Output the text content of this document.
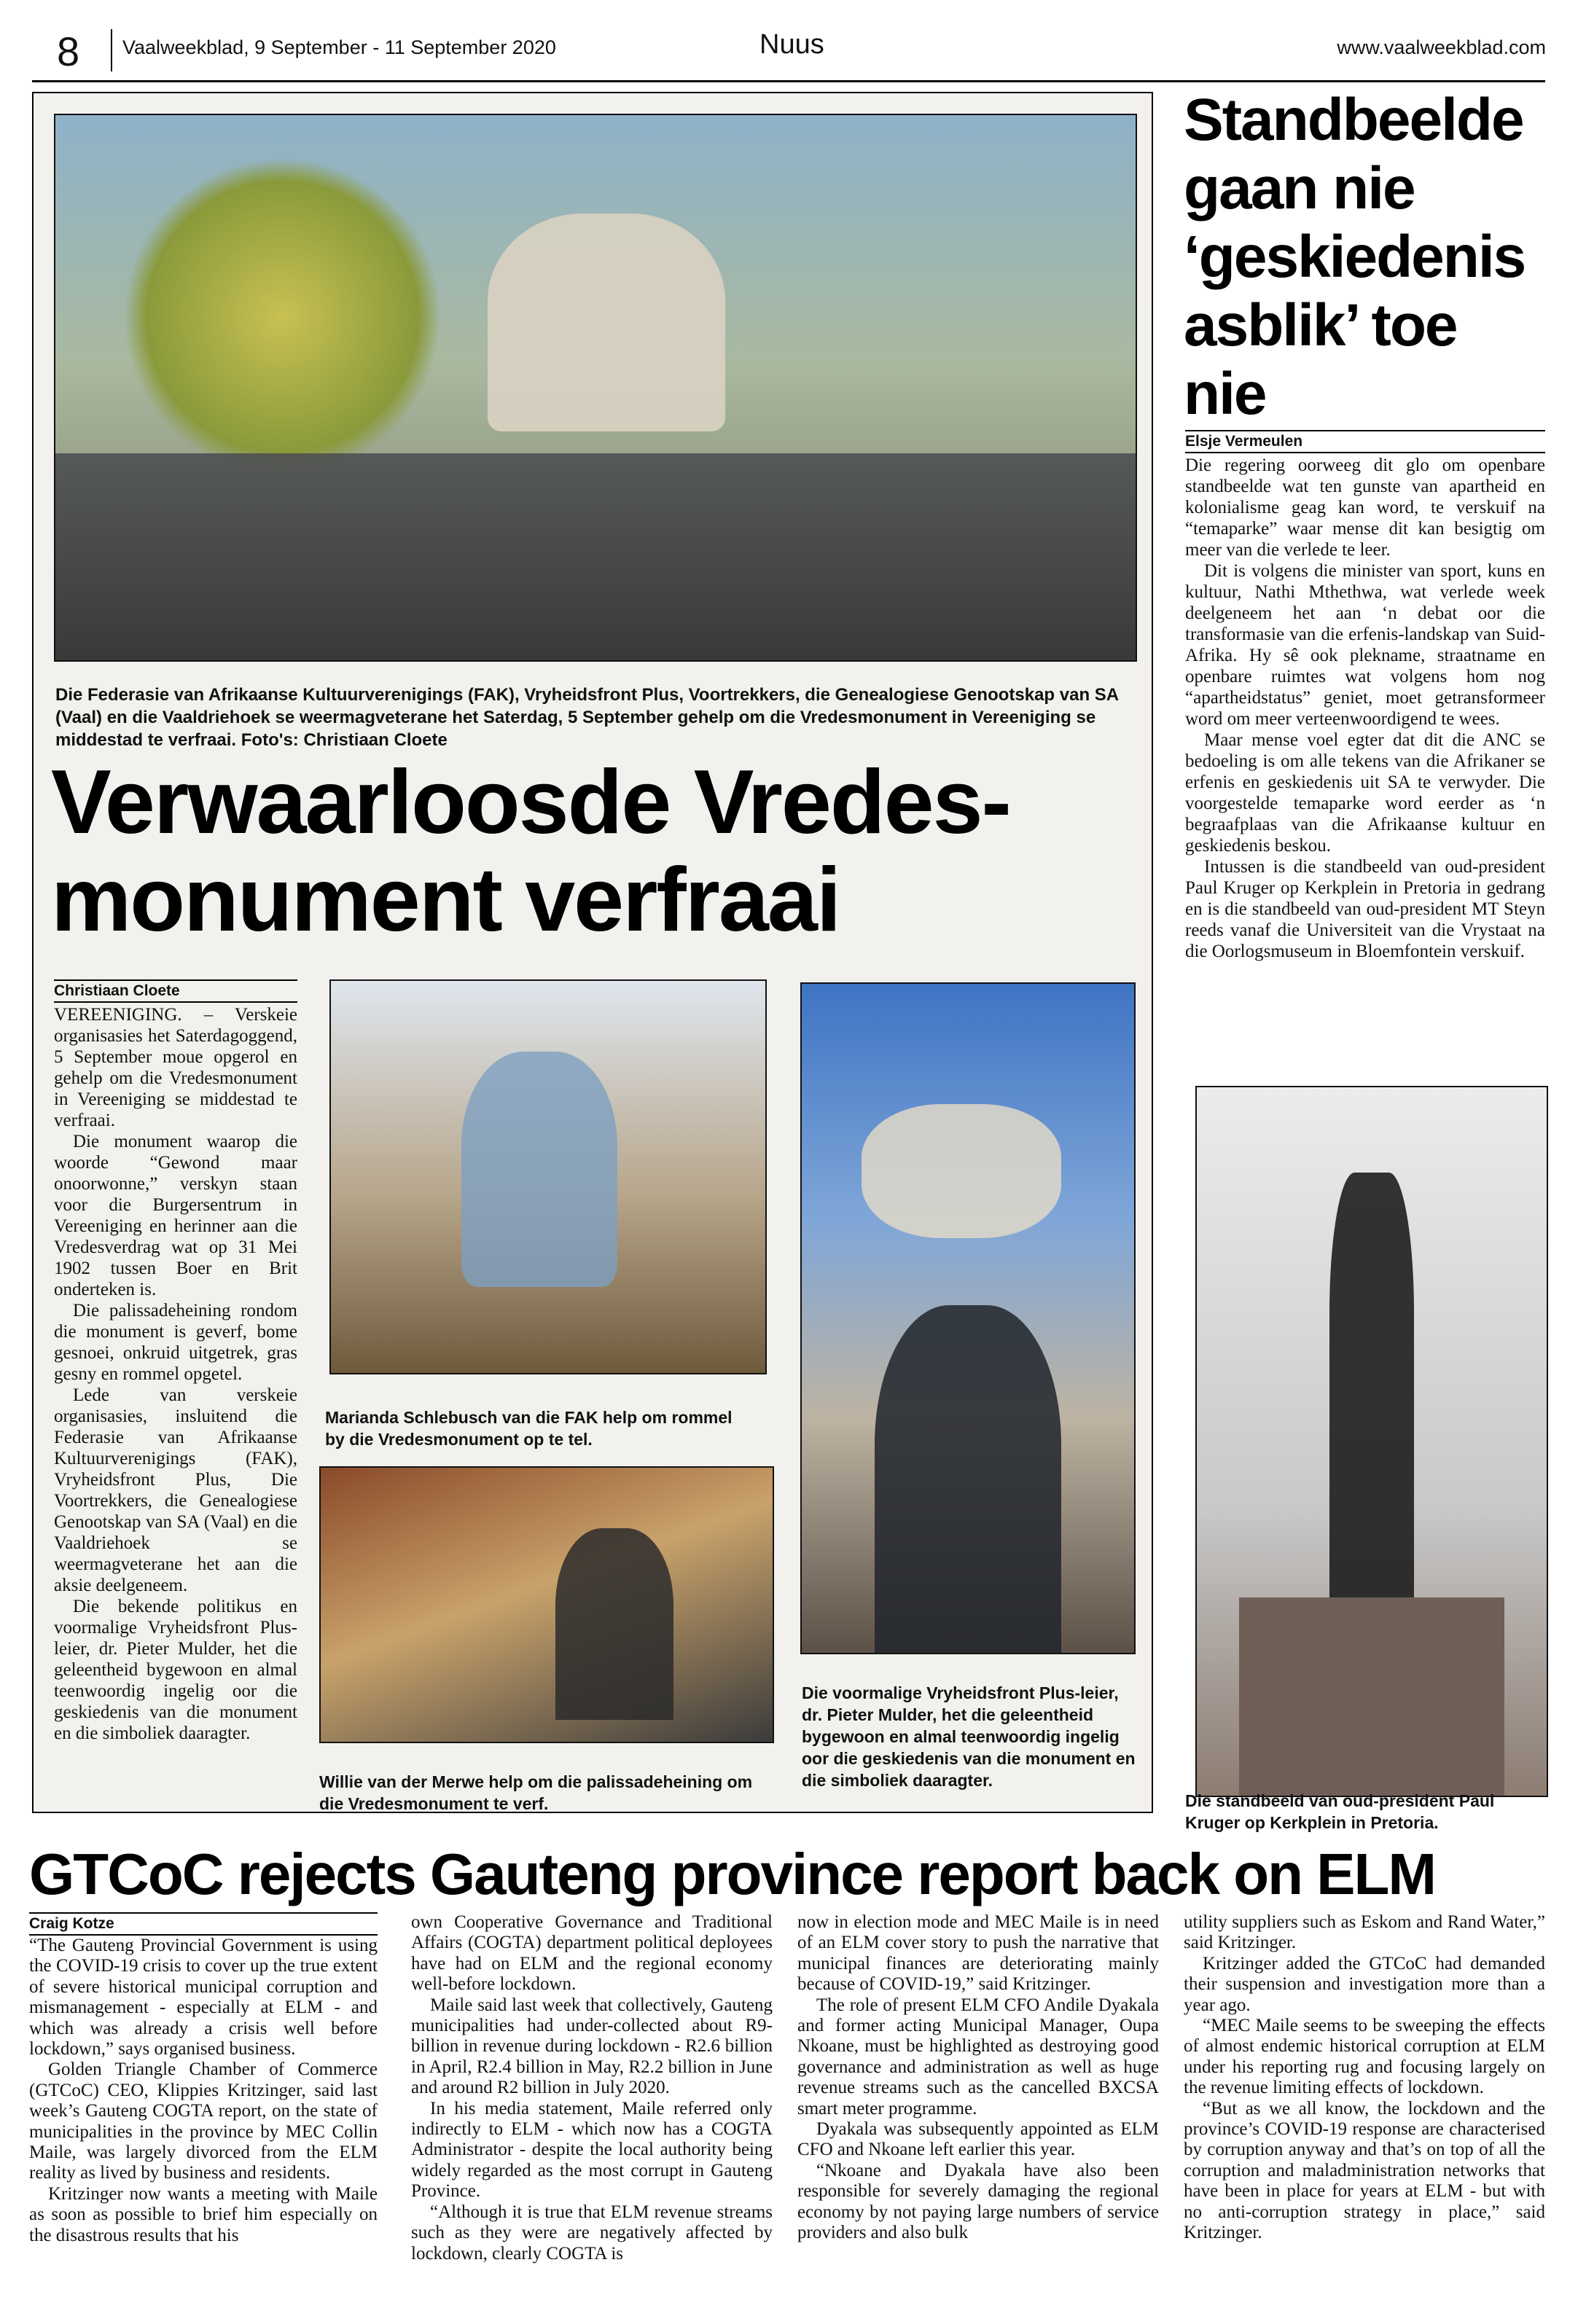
8 Vaalweekblad, 9 September - 11 September 2020	Nuus	www.vaalweekblad.com
Die Federasie van Afrikaanse Kultuurverenigings (FAK), Vryheidsfront Plus, Voortrekkers, die Genealogiese Genootskap van SA (Vaal) en die Vaaldriehoek se weermagveterane het Saterdag, 5 September gehelp om die Vredesmonument in Vereeniging se middestad te verfraai. Foto's: Christiaan Cloete
Verwaarloosde Vredes-
monument verfraai
Christiaan Cloete

VEREENIGING. – Verskeie organisasies het Saterdagoggend, 5 September moue opgerol en gehelp om die Vredesmonument in Vereeniging se middestad te verfraai.

Die monument waarop die woorde “Gewond maar onoorwonne,” verskyn staan voor die Burgersentrum in Vereeniging en herinner aan die Vredesverdrag wat op 31 Mei 1902 tussen Boer en Brit onderteken is.

Die palissadeheining rondom die monument is geverf, bome gesnoei, onkruid uitgetrek, gras gesny en rommel opgetel.

Lede van verskeie organisasies, insluitend die Federasie van Afrikaanse Kultuurverenigings (FAK), Vryheidsfront Plus, Die Voortrekkers, die Genealogiese Genootskap van SA (Vaal) en die Vaaldriehoek se weermagveterane het aan die aksie deelgeneem.

Die bekende politikus en voormalige Vryheidsfront Plus-leier, dr. Pieter Mulder, het die geleentheid bygewoon en almal teenwoordig ingelig oor die geskiedenis van die monument en die simboliek daaragter.

Marianda Schlebusch van die FAK help om rommel by die Vredesmonument op te tel.
Willie van der Merwe help om die palissadeheining om die Vredesmonument te verf.
Die voormalige Vryheidsfront Plus-leier, dr. Pieter Mulder, het die geleentheid bygewoon en almal teenwoordig ingelig oor die geskiedenis van die monument en die simboliek daaragter.
Standbeelde
gaan nie
‘geskiedenis
asblik’ toe
nie
Elsje Vermeulen

Die regering oorweeg dit glo om openbare standbeelde wat ten gunste van apartheid en kolonialisme geag kan word, te verskuif na “temaparke” waar mense dit kan besigtig om meer van die verlede te leer.

Dit is volgens die minister van sport, kuns en kultuur, Nathi Mthethwa, wat verlede week deelgeneem het aan ‘n debat oor die transformasie van die erfenis-landskap van Suid-Afrika. Hy sê ook plekname, straatname en openbare ruimtes wat volgens hom nog “apartheidstatus” geniet, moet getransformeer word om meer verteenwoordigend te wees.

Maar mense voel egter dat dit die ANC se bedoeling is om alle tekens van die Afrikaner se erfenis en geskiedenis uit SA te verwyder. Die voorgestelde temaparke word eerder as ‘n begraafplaas van die Afrikaanse kultuur en geskiedenis beskou.

Intussen is die standbeeld van oud-president Paul Kruger op Kerkplein in Pretoria in gedrang en is die standbeeld van oud-president MT Steyn reeds vanaf die Universiteit van die Vrystaat na die Oorlogsmuseum in Bloemfontein verskuif.

Die standbeeld van oud-president Paul Kruger op Kerkplein in Pretoria.
GTCoC rejects Gauteng province report back on ELM
Craig Kotze

“The Gauteng Provincial Government is using the COVID-19 crisis to cover up the true extent of severe historical municipal corruption and mismanagement - especially at ELM - and which was already a crisis well before lockdown,” says organised business.

Golden Triangle Chamber of Commerce (GTCoC) CEO, Klippies Kritzinger, said last week’s Gauteng COGTA report, on the state of municipalities in the province by MEC Collin Maile, was largely divorced from the ELM reality as lived by business and residents.

Kritzinger now wants a meeting with Maile as soon as possible to brief him especially on the disastrous results that his

own Cooperative Governance and Traditional Affairs (COGTA) department political deployees have had on ELM and the regional economy well-before lockdown.

Maile said last week that collectively, Gauteng municipalities had under-collected about R9-billion in revenue during lockdown - R2.6 billion in April, R2.4 billion in May, R2.2 billion in June and around R2 billion in July 2020.

In his media statement, Maile referred only indirectly to ELM - which now has a COGTA Administrator - despite the local authority being widely regarded as the most corrupt in Gauteng Province.

“Although it is true that ELM revenue streams such as they were are negatively affected by lockdown, clearly COGTA is

now in election mode and MEC Maile is in need of an ELM cover story to push the narrative that municipal finances are deteriorating mainly because of COVID-19,” said Kritzinger.

The role of present ELM CFO Andile Dyakala and former acting Municipal Manager, Oupa Nkoane, must be highlighted as destroying good governance and administration as well as huge revenue streams such as the cancelled BXCSA smart meter programme.

Dyakala was subsequently appointed as ELM CFO and Nkoane left earlier this year.

“Nkoane and Dyakala have also been responsible for severely damaging the regional economy by not paying large numbers of service providers and also bulk

utility suppliers such as Eskom and Rand Water,” said Kritzinger.

Kritzinger added the GTCoC had demanded their suspension and investigation more than a year ago.

“MEC Maile seems to be sweeping the effects of almost endemic historical corruption at ELM under his reporting rug and focusing largely on the revenue limiting effects of lockdown.

“But as we all know, the lockdown and the province’s COVID-19 response are characterised by corruption anyway and that’s on top of all the corruption and maladministration networks that have been in place for years at ELM - but with no anti-corruption strategy in place,” said Kritzinger.
